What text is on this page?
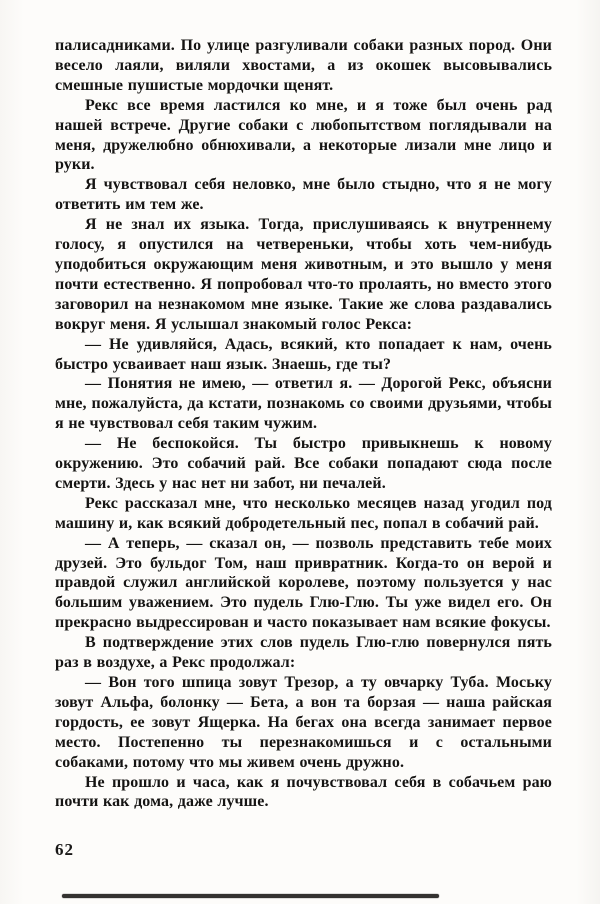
палисадниками. По улице разгуливали собаки разных пород. Они весело лаяли, виляли хвостами, а из окошек высовывались смешные пушистые мордочки щенят.

Рекс все время ластился ко мне, и я тоже был очень рад нашей встрече. Другие собаки с любопытством поглядывали на меня, дружелюбно обнюхивали, а некоторые лизали мне лицо и руки.

Я чувствовал себя неловко, мне было стыдно, что я не могу ответить им тем же.

Я не знал их языка. Тогда, прислушиваясь к внутреннему голосу, я опустился на четвереньки, чтобы хоть чем-нибудь уподобиться окружающим меня животным, и это вышло у меня почти естественно. Я попробовал что-то пролаять, но вместо этого заговорил на незнакомом мне языке. Такие же слова раздавались вокруг меня. Я услышал знакомый голос Рекса:

— Не удивляйся, Адась, всякий, кто попадает к нам, очень быстро усваивает наш язык. Знаешь, где ты?

— Понятия не имею, — ответил я. — Дорогой Рекс, объясни мне, пожалуйста, да кстати, познакомь со своими друзьями, чтобы я не чувствовал себя таким чужим.

— Не беспокойся. Ты быстро привыкнешь к новому окружению. Это собачий рай. Все собаки попадают сюда после смерти. Здесь у нас нет ни забот, ни печалей.

Рекс рассказал мне, что несколько месяцев назад угодил под машину и, как всякий добродетельный пес, попал в собачий рай.

— А теперь, — сказал он, — позволь представить тебе моих друзей. Это бульдог Том, наш привратник. Когда-то он верой и правдой служил английской королеве, поэтому пользуется у нас большим уважением. Это пудель Глю-Глю. Ты уже видел его. Он прекрасно выдрессирован и часто показывает нам всякие фокусы.

В подтверждение этих слов пудель Глю-глю повернулся пять раз в воздухе, а Рекс продолжал:

— Вон того шпица зовут Трезор, а ту овчарку Туба. Моську зовут Альфа, болонку — Бета, а вон та борзая — наша райская гордость, ее зовут Ящерка. На бегах она всегда занимает первое место. Постепенно ты перезнакомишься и с остальными собаками, потому что мы живем очень дружно.

Не прошло и часа, как я почувствовал себя в собачьем раю почти как дома, даже лучше.

62
